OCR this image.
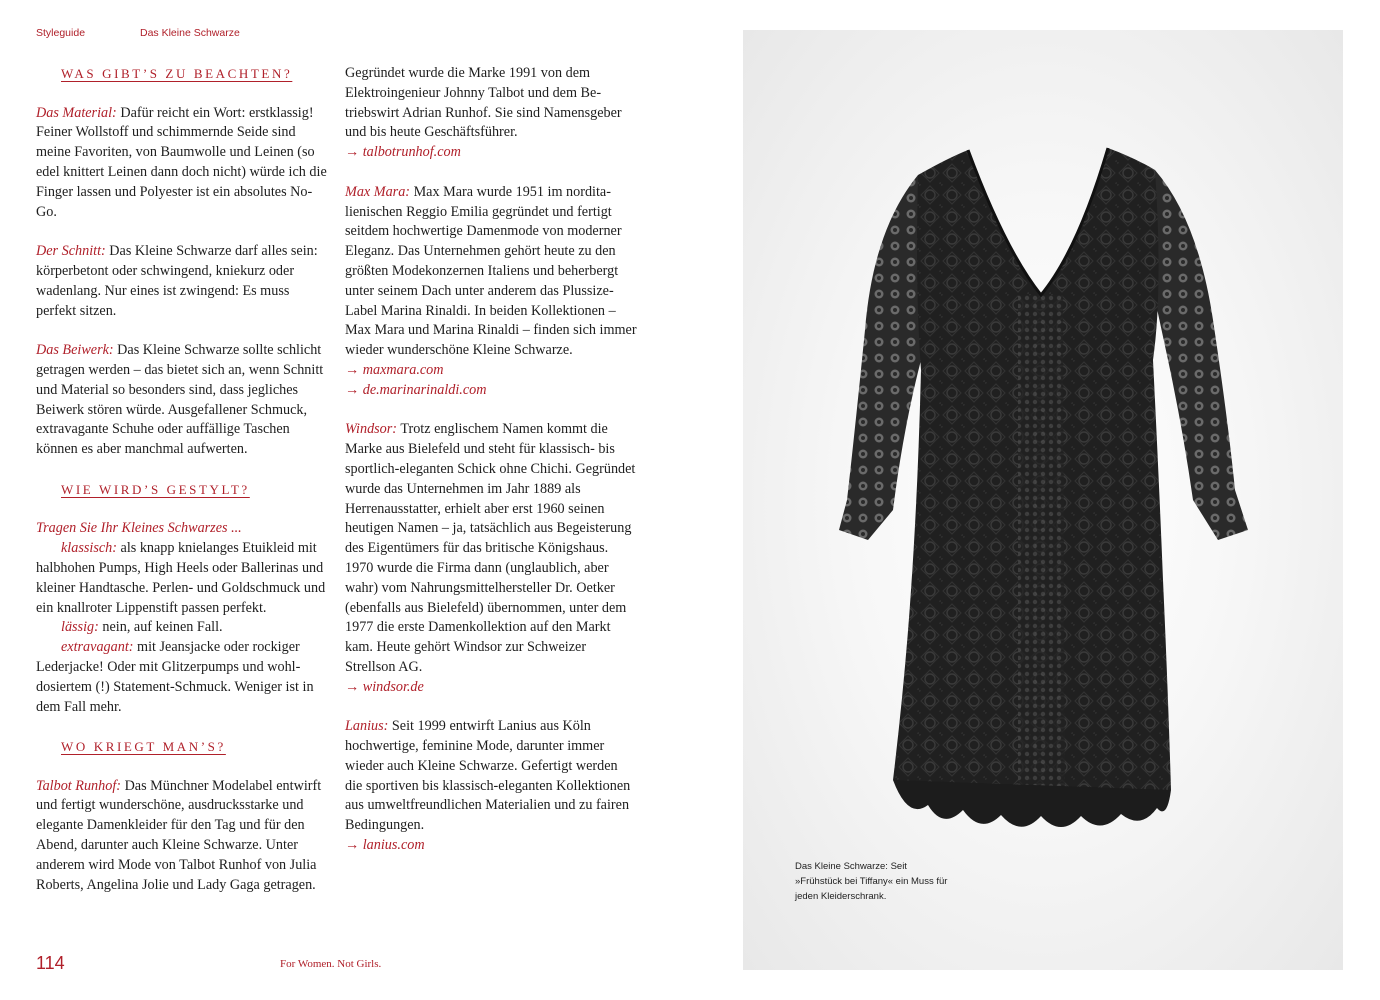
Styleguide	Das Kleine Schwarze

WAS GIBT’S ZU BEACHTEN?

Das Material: Dafür reicht ein Wort: erstklassig! Feiner Wollstoff und schimmernde Seide sind meine Favoriten, von Baumwolle und Leinen (so edel knittert Leinen dann doch nicht) würde ich die Finger lassen und Polyester ist ein absolutes No-Go.

Der Schnitt: Das Kleine Schwarze darf alles sein: körperbetont oder schwingend, kniekurz oder wadenlang. Nur eines ist zwingend: Es muss perfekt sitzen.

Das Beiwerk: Das Kleine Schwarze sollte schlicht getragen werden – das bietet sich an, wenn Schnitt und Material so besonders sind, dass jegliches Beiwerk stören würde. Ausgefallener Schmuck, extravagante Schuhe oder auffällige Taschen können es aber manchmal aufwerten.

WIE WIRD’S GESTYLT?

Tragen Sie Ihr Kleines Schwarzes ...

klassisch: als knapp knielanges Etuikleid mit halbhohen Pumps, High Heels oder Ballerinas und kleiner Handtasche. Perlen- und Goldschmuck und ein knallroter Lippenstift passen perfekt.

lässig: nein, auf keinen Fall.

extravagant: mit Jeansjacke oder rockiger Lederjacke! Oder mit Glitzerpumps und wohldosiertem (!) Statement-Schmuck. Weniger ist in dem Fall mehr.

WO KRIEGT MAN’S?

Talbot Runhof: Das Münchner Modelabel entwirft und fertigt wunderschöne, ausdrucksstarke und elegante Damenkleider für den Tag und für den Abend, darunter auch Kleine Schwarze. Unter anderem wird Mode von Talbot Runhof von Julia Roberts, Angelina Jolie und Lady Gaga getragen.

Gegründet wurde die Marke 1991 von dem Elektroingenieur Johnny Talbot und dem Betriebswirt Adrian Runhof. Sie sind Namensgeber und bis heute Geschäftsführer.
→ talbotrunhof.com

Max Mara: Max Mara wurde 1951 im norditalienischen Reggio Emilia gegründet und fertigt seitdem hochwertige Damenmode von moderner Eleganz. Das Unternehmen gehört heute zu den größten Modekonzernen Italiens und beherbergt unter seinem Dach unter anderem das Plussize-Label Marina Rinaldi. In beiden Kollektionen – Max Mara und Marina Rinaldi – finden sich immer wieder wunderschöne Kleine Schwarze.
→ maxmara.com
→ de.marinarinaldi.com

Windsor: Trotz englischem Namen kommt die Marke aus Bielefeld und steht für klassisch- bis sportlich-eleganten Schick ohne Chichi. Gegründet wurde das Unternehmen im Jahr 1889 als Herrenausstatter, erhielt aber erst 1960 seinen heutigen Namen – ja, tatsächlich aus Begeisterung des Eigentümers für das britische Königshaus. 1970 wurde die Firma dann (unglaublich, aber wahr) vom Nahrungsmittelhersteller Dr. Oetker (ebenfalls aus Bielefeld) übernommen, unter dem 1977 die erste Damenkollektion auf den Markt kam. Heute gehört Windsor zur Schweizer Strellson AG.
→ windsor.de

Lanius: Seit 1999 entwirft Lanius aus Köln hochwertige, feminine Mode, darunter immer wieder auch Kleine Schwarze. Gefertigt werden die sportiven bis klassisch-eleganten Kollektionen aus umweltfreundlichen Materialien und zu fairen Bedingungen.
→ lanius.com

114	For Women. Not Girls.
Das Kleine Schwarze: Seit »Frühstück bei Tiffany« ein Muss für jeden Kleiderschrank.
